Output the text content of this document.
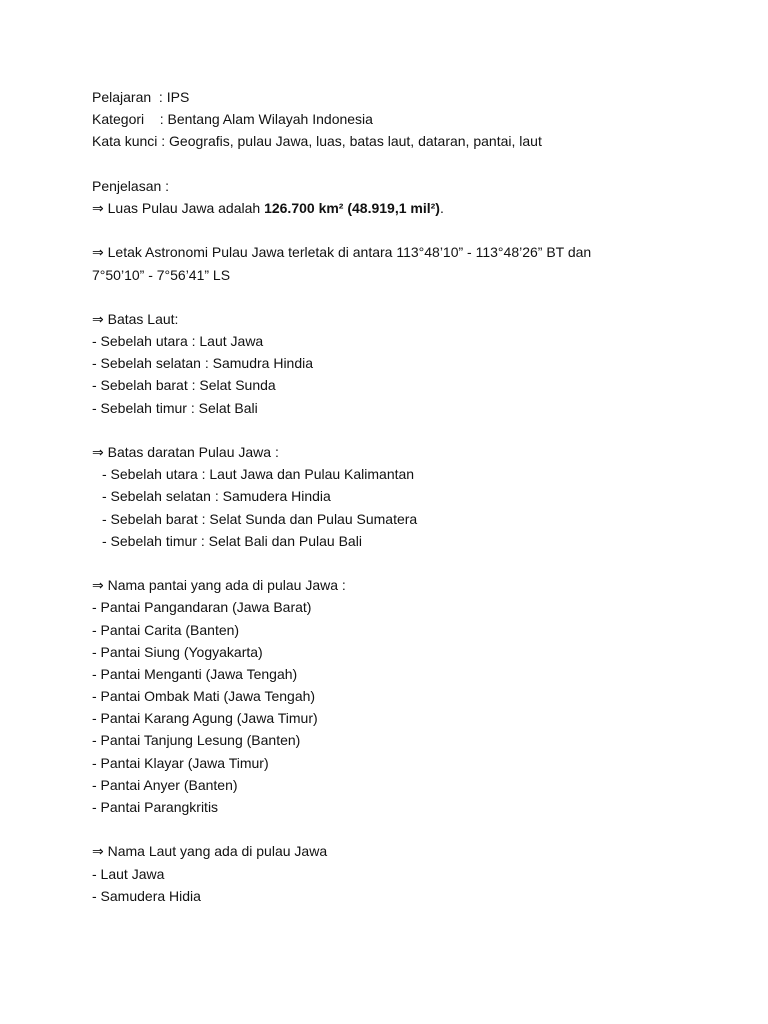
Pelajaran  : IPS
Kategori    : Bentang Alam Wilayah Indonesia
Kata kunci : Geografis, pulau Jawa, luas, batas laut, dataran, pantai, laut
Penjelasan :
⇒ Luas Pulau Jawa adalah 126.700 km² (48.919,1 mil²).
⇒ Letak Astronomi Pulau Jawa terletak di antara 113°48’10” - 113°48’26” BT dan
7°50’10” - 7°56’41” LS
⇒ Batas Laut:
- Sebelah utara : Laut Jawa
- Sebelah selatan : Samudra Hindia
- Sebelah barat : Selat Sunda
- Sebelah timur : Selat Bali
⇒ Batas daratan Pulau Jawa :
- Sebelah utara : Laut Jawa dan Pulau Kalimantan
- Sebelah selatan : Samudera Hindia
- Sebelah barat : Selat Sunda dan Pulau Sumatera
- Sebelah timur : Selat Bali dan Pulau Bali
⇒ Nama pantai yang ada di pulau Jawa :
- Pantai Pangandaran (Jawa Barat)
- Pantai Carita (Banten)
- Pantai Siung (Yogyakarta)
- Pantai Menganti (Jawa Tengah)
- Pantai Ombak Mati (Jawa Tengah)
- Pantai Karang Agung (Jawa Timur)
- Pantai Tanjung Lesung (Banten)
- Pantai Klayar (Jawa Timur)
- Pantai Anyer (Banten)
- Pantai Parangkritis
⇒ Nama Laut yang ada di pulau Jawa
- Laut Jawa
- Samudera Hidia
